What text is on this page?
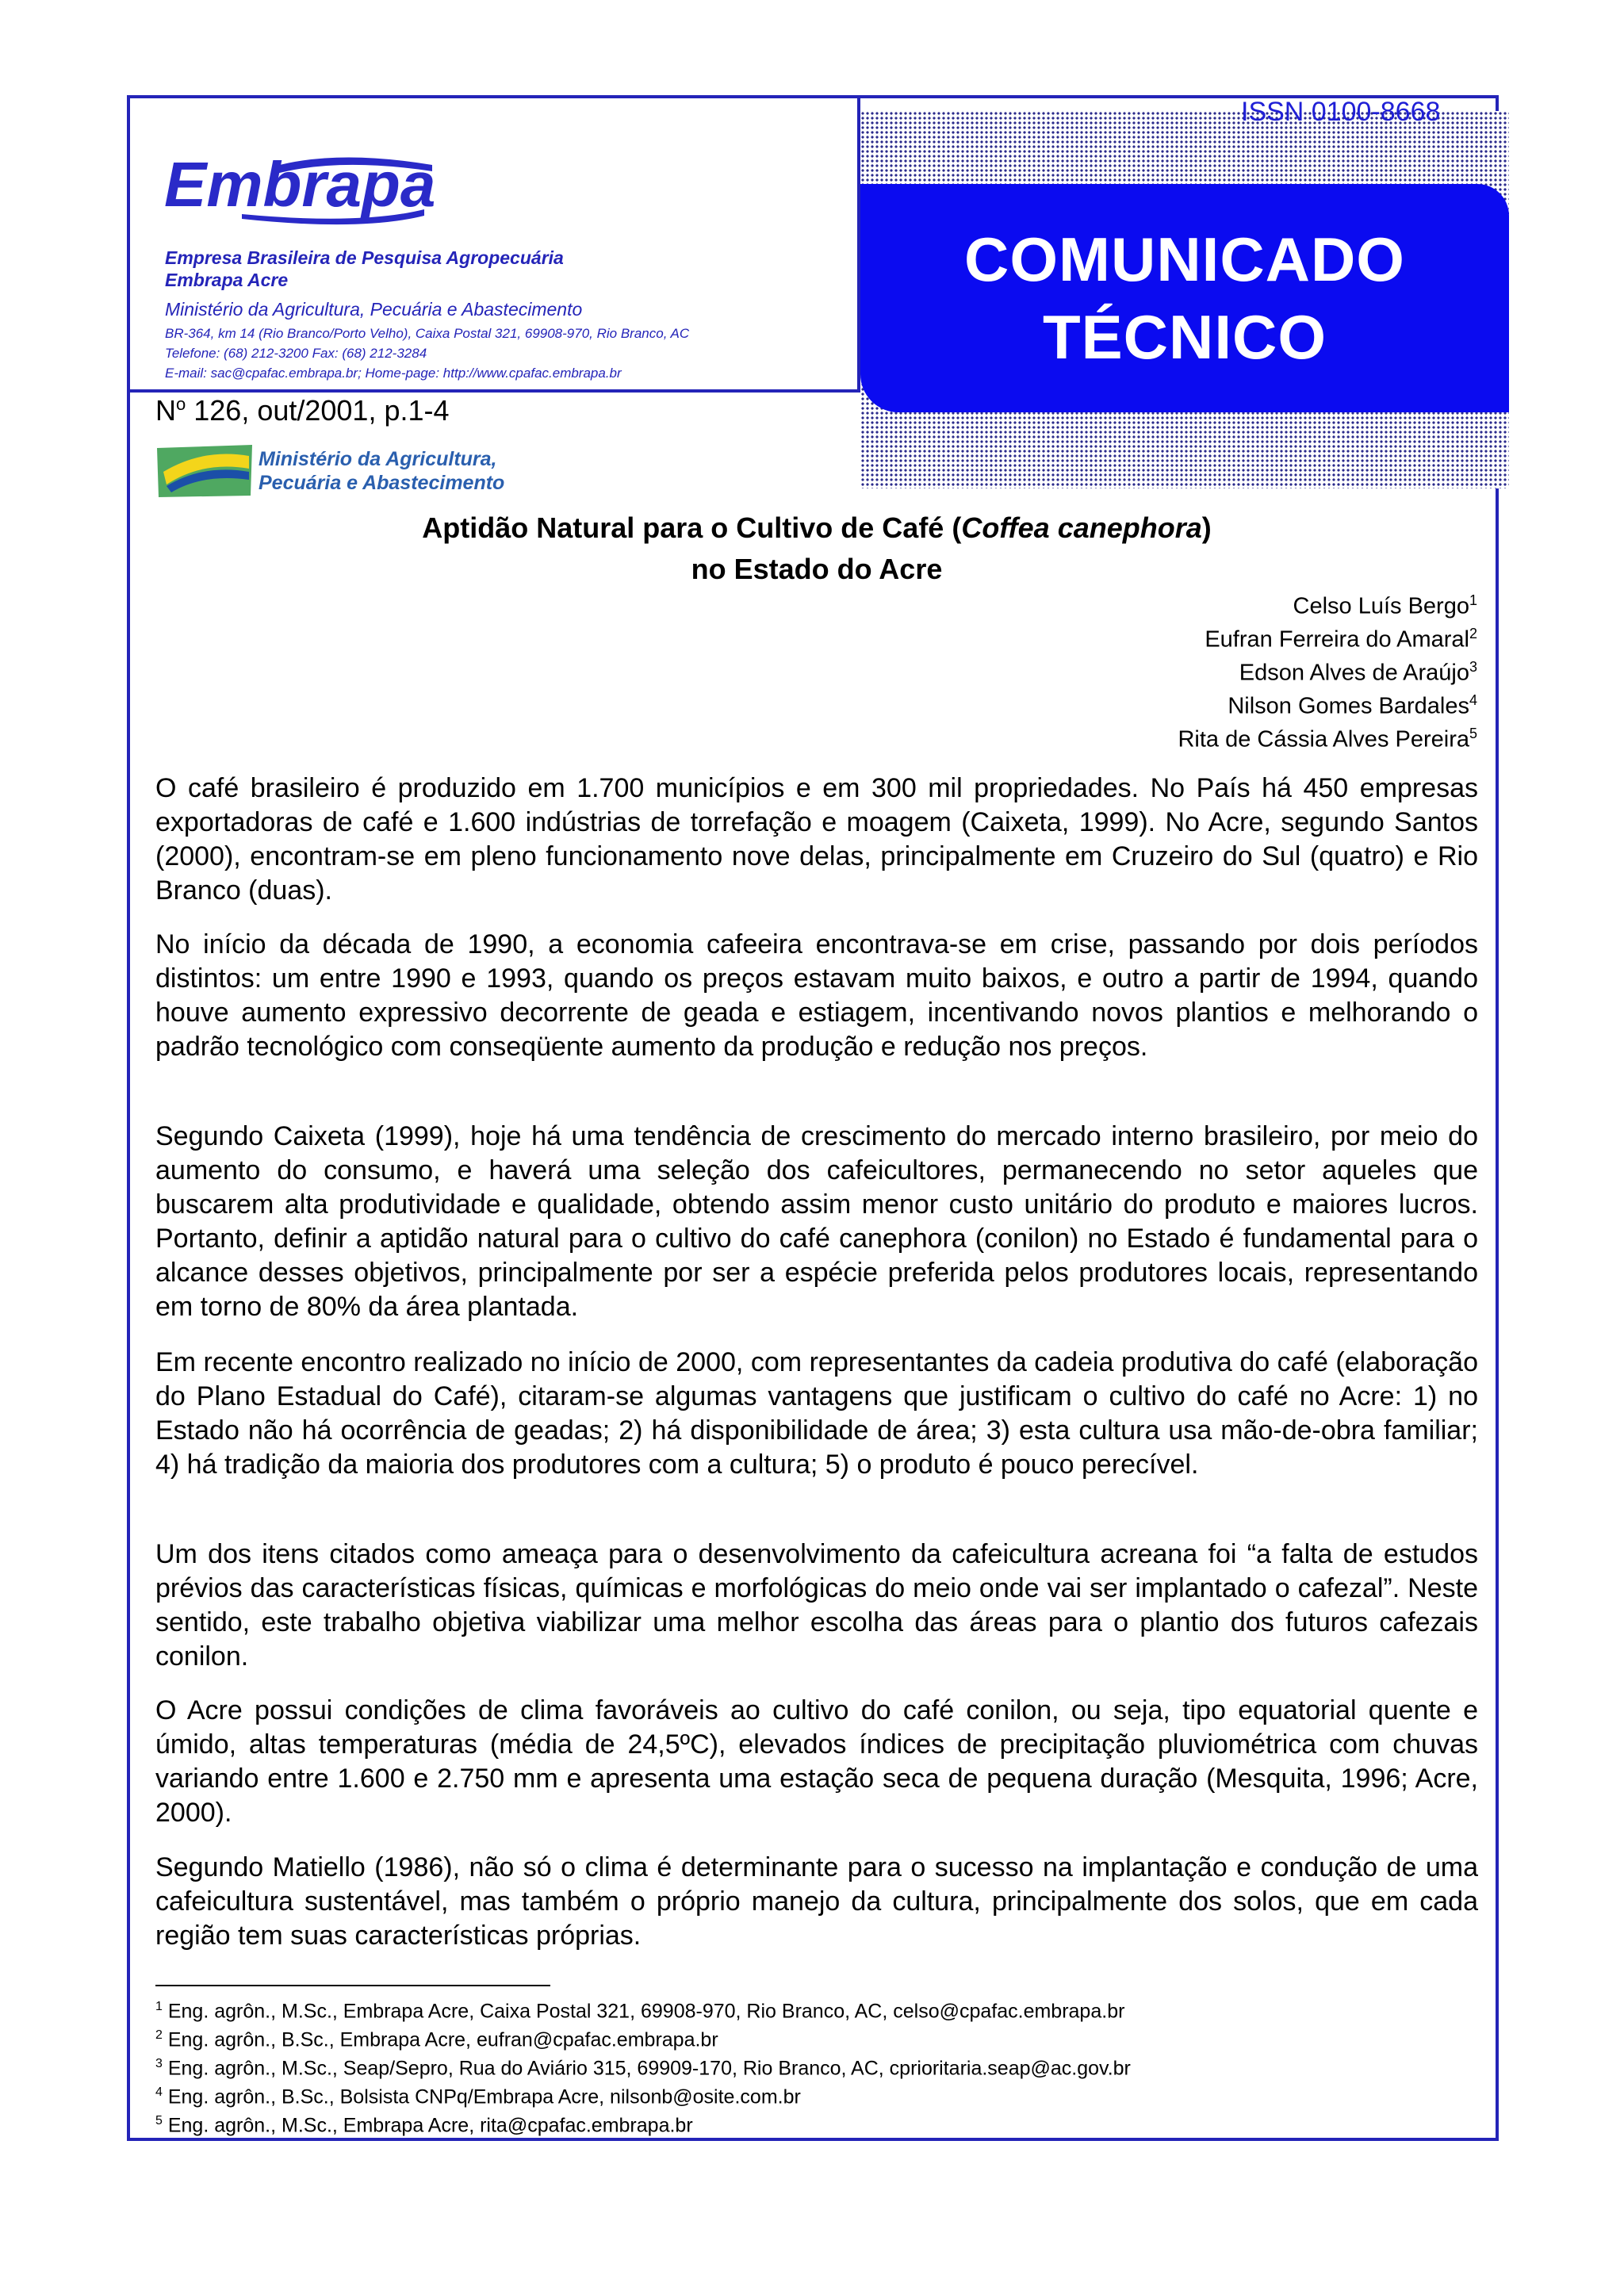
COMUNICADO
TÉCNICO
ISSN 0100-8668
Embrapa
Empresa Brasileira de Pesquisa Agropecuária
Embrapa Acre
Ministério da Agricultura, Pecuária e Abastecimento
BR-364, km 14 (Rio Branco/Porto Velho), Caixa Postal 321, 69908-970, Rio Branco, AC
Telefone: (68) 212-3200 Fax: (68) 212-3284
E-mail: sac@cpafac.embrapa.br; Home-page: http://www.cpafac.embrapa.br
$N^o$ 126, out/2001, p.1-4
Ministério da Agricultura,
Pecuária e Abastecimento
Aptidão Natural para o Cultivo de Café (Coffea canephora)
no Estado do Acre
Celso Luís Bergo$^1$
Eufran Ferreira do Amaral$^2$
Edson Alves de Araújo$^3$
Nilson Gomes Bardales$^4$
Rita de Cássia Alves Pereira$^5$
O café brasileiro é produzido em 1.700 municípios e em 300 mil propriedades. No País há 450 empresas exportadoras de café e 1.600 indústrias de torrefação e moagem (Caixeta, 1999). No Acre, segundo Santos (2000), encontram-se em pleno funcionamento nove delas, principalmente em Cruzeiro do Sul (quatro) e Rio Branco (duas).
No início da década de 1990, a economia cafeeira encontrava-se em crise, passando por dois períodos distintos: um entre 1990 e 1993, quando os preços estavam muito baixos, e outro a partir de 1994, quando houve aumento expressivo decorrente de geada e estiagem, incentivando novos plantios e melhorando o padrão tecnológico com conseqüente aumento da produção e redução nos preços.
Segundo Caixeta (1999), hoje há uma tendência de crescimento do mercado interno brasileiro, por meio do aumento do consumo, e haverá uma seleção dos cafeicultores, permanecendo no setor aqueles que buscarem alta produtividade e qualidade, obtendo assim menor custo unitário do produto e maiores lucros. Portanto, definir a aptidão natural para o cultivo do café canephora (conilon) no Estado é fundamental para o alcance desses objetivos, principalmente por ser a espécie preferida pelos produtores locais, representando em torno de 80% da área plantada.
Em recente encontro realizado no início de 2000, com representantes da cadeia produtiva do café (elaboração do Plano Estadual do Café), citaram-se algumas vantagens que justificam o cultivo do café no Acre: 1) no Estado não há ocorrência de geadas; 2) há disponibilidade de área; 3) esta cultura usa mão-de-obra familiar; 4) há tradição da maioria dos produtores com a cultura; 5) o produto é pouco perecível.
Um dos itens citados como ameaça para o desenvolvimento da cafeicultura acreana foi “a falta de estudos prévios das características físicas, químicas e morfológicas do meio onde vai ser implantado o cafezal”. Neste sentido, este trabalho objetiva viabilizar uma melhor escolha das áreas para o plantio dos futuros cafezais conilon.
O Acre possui condições de clima favoráveis ao cultivo do café conilon, ou seja, tipo equatorial quente e úmido, altas temperaturas (média de 24,5ºC), elevados índices de precipitação pluviométrica com chuvas variando entre 1.600 e 2.750 mm e apresenta uma estação seca de pequena duração (Mesquita, 1996; Acre, 2000).
Segundo Matiello (1986), não só o clima é determinante para o sucesso na implantação e condução de uma cafeicultura sustentável, mas também o próprio manejo da cultura, principalmente dos solos, que em cada região tem suas características próprias.
$^1$ Eng. agrôn., M.Sc., Embrapa Acre, Caixa Postal 321, 69908-970, Rio Branco, AC, celso@cpafac.embrapa.br
$^2$ Eng. agrôn., B.Sc., Embrapa Acre, eufran@cpafac.embrapa.br
$^3$ Eng. agrôn., M.Sc., Seap/Sepro, Rua do Aviário 315, 69909-170, Rio Branco, AC, cprioritaria.seap@ac.gov.br
$^4$ Eng. agrôn., B.Sc., Bolsista CNPq/Embrapa Acre, nilsonb@osite.com.br
$^5$ Eng. agrôn., M.Sc., Embrapa Acre, rita@cpafac.embrapa.br
